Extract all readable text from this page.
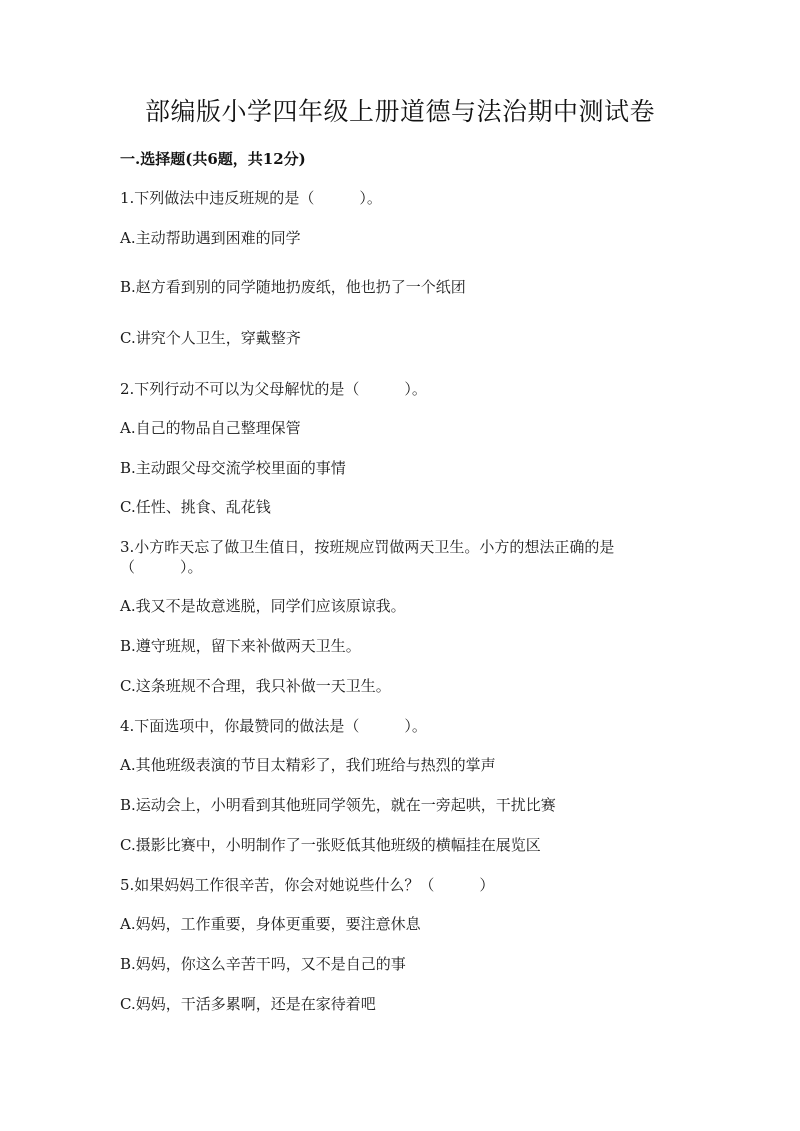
部编版小学四年级上册道德与法治期中测试卷
一.选择题(共6题，共12分)
1.下列做法中违反班规的是（　　　）。
A.主动帮助遇到困难的同学
B.赵方看到别的同学随地扔废纸，他也扔了一个纸团
C.讲究个人卫生，穿戴整齐
2.下列行动不可以为父母解忧的是（　　　）。
A.自己的物品自己整理保管
B.主动跟父母交流学校里面的事情
C.任性、挑食、乱花钱
3.小方昨天忘了做卫生值日，按班规应罚做两天卫生。小方的想法正确的是（　　　）。
A.我又不是故意逃脱，同学们应该原谅我。
B.遵守班规，留下来补做两天卫生。
C.这条班规不合理，我只补做一天卫生。
4.下面选项中，你最赞同的做法是（　　　）。
A.其他班级表演的节目太精彩了，我们班给与热烈的掌声
B.运动会上，小明看到其他班同学领先，就在一旁起哄，干扰比赛
C.摄影比赛中，小明制作了一张贬低其他班级的横幅挂在展览区
5.如果妈妈工作很辛苦，你会对她说些什么？（　　　）
A.妈妈，工作重要，身体更重要，要注意休息
B.妈妈，你这么辛苦干吗，又不是自己的事
C.妈妈，干活多累啊，还是在家待着吧
